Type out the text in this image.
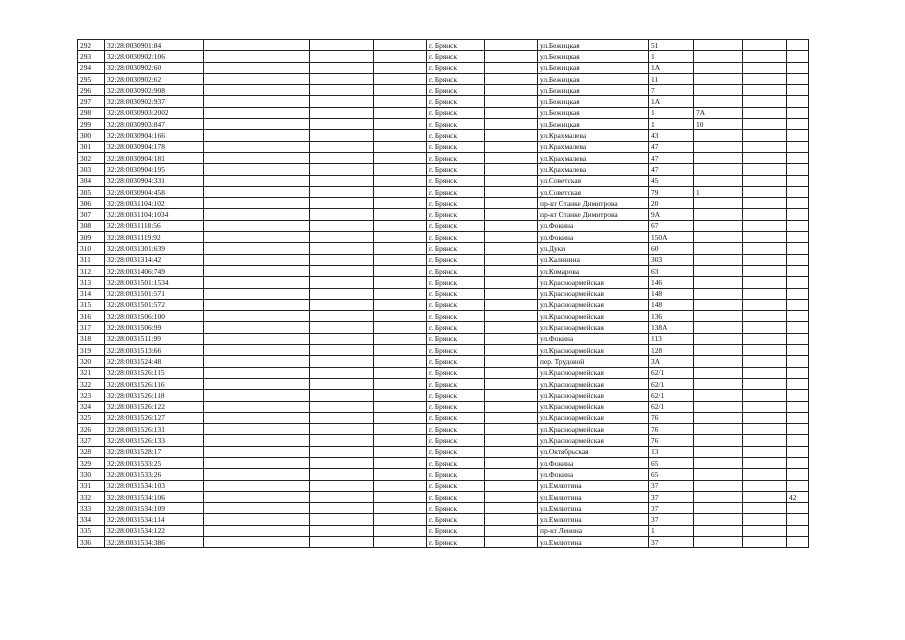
292	32:28:0030901:84				г. Брянск		ул.Бежицкая	51			
293	32:28:0030902:106				г. Брянск		ул.Бежицкая	1			
294	32:28:0030902:60				г. Брянск		ул.Бежицкая	1А			
295	32:28:0030902:62				г. Брянск		ул.Бежицкая	11			
296	32:28:0030902:908				г. Брянск		ул.Бежицкая	7			
297	32:28:0030902:937				г. Брянск		ул.Бежицкая	1А			
298	32:28:0030903:2002				г. Брянск		ул.Бежицкая	1	7А		
299	32:28:0030903:847				г. Брянск		ул.Бежицкая	1	10		
300	32:28:0030904:166				г. Брянск		ул.Крахмалева	43			
301	32:28:0030904:178				г. Брянск		ул.Крахмалева	47			
302	32:28:0030904:181				г. Брянск		ул.Крахмалева	47			
303	32:28:0030904:195				г. Брянск		ул.Крахмалева	47			
304	32:28:0030904:331				г. Брянск		ул.Советская	45			
305	32:28:0030904:458				г. Брянск		ул.Советская	79	1		
306	32:28:0031104:102				г. Брянск		пр-кт Станке Димитрова	20			
307	32:28:0031104:1034				г. Брянск		пр-кт Станке Димитрова	9А			
308	32:28:0031118:56				г. Брянск		ул.Фокина	67			
309	32:28:0031119:92				г. Брянск		ул.Фокина	150А			
310	32:28:0031301:639				г. Брянск		ул.Дуки	60			
311	32:28:0031314:42				г. Брянск		ул.Калинина	303			
312	32:28:0031406:749				г. Брянск		ул.Комарова	63			
313	32:28:0031501:1534				г. Брянск		ул.Красноармейская	146			
314	32:28:0031501:571				г. Брянск		ул.Красноармейская	148			
315	32:28:0031501:572				г. Брянск		ул.Красноармейская	148			
316	32:28:0031506:100				г. Брянск		ул.Красноармейская	136			
317	32:28:0031506:99				г. Брянск		ул.Красноармейская	138А			
318	32:28:0031511:99				г. Брянск		ул.Фокина	113			
319	32:28:0031513:66				г. Брянск		ул.Красноармейская	128			
320	32:28:0031524:48				г. Брянск		пер. Трудовой	3А			
321	32:28:0031526:115				г. Брянск		ул.Красноармейская	62/1			
322	32:28:0031526:116				г. Брянск		ул.Красноармейская	62/1			
323	32:28:0031526:118				г. Брянск		ул.Красноармейская	62/1			
324	32:28:0031526:122				г. Брянск		ул.Красноармейская	62/1			
325	32:28:0031526:127				г. Брянск		ул.Красноармейская	76			
326	32:28:0031526:131				г. Брянск		ул.Красноармейская	76			
327	32:28:0031526:133				г. Брянск		ул.Красноармейская	76			
328	32:28:0031528:17				г. Брянск		ул.Октябрьская	13			
329	32:28:0031533:25				г. Брянск		ул.Фокина	65			
330	32:28:0031533:26				г. Брянск		ул.Фокина	65			
331	32:28:0031534:103				г. Брянск		ул.Емлютина	37			
332	32:28:0031534:106				г. Брянск		ул.Емлютина	37			42
333	32:28:0031534:109				г. Брянск		ул.Емлютина	37			
334	32:28:0031534:114				г. Брянск		ул.Емлютина	37			
335	32:28:0031534:122				г. Брянск		пр-кт Ленина	1			
336	32:28:0031534:386				г. Брянск		ул.Емлютина	37			
